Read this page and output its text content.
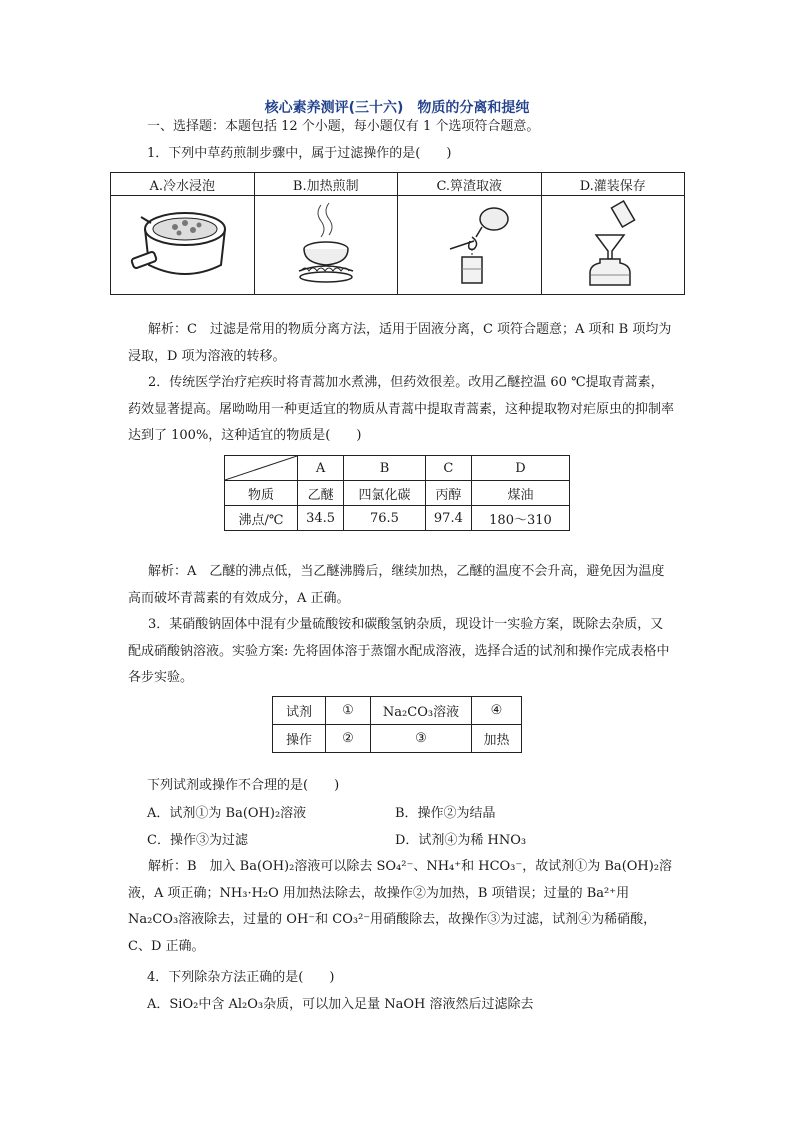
核心素养测评(三十六)　物质的分离和提纯
一、选择题：本题包括 12 个小题，每小题仅有 1 个选项符合题意。
1．下列中草药煎制步骤中，属于过滤操作的是(　　)
A.冷水浸泡	B.加热煎制	C.箅渣取液	D.灌装保存

解析：C　过滤是常用的物质分离方法，适用于固液分离，C 项符合题意；A 项和 B 项均为浸取，D 项为溶液的转移。

2．传统医学治疗疟疾时将青蒿加水煮沸，但药效很差。改用乙醚控温 60 ℃提取青蒿素，药效显著提高。屠呦呦用一种更适宜的物质从青蒿中提取青蒿素，这种提取物对疟原虫的抑制率达到了 100%，这种适宜的物质是(　　)

	A	B	C	D
物质	乙醚	四氯化碳	丙醇	煤油
沸点/℃	34.5	76.5	97.4	180～310

解析：A　乙醚的沸点低，当乙醚沸腾后，继续加热，乙醚的温度不会升高，避免因为温度高而破坏青蒿素的有效成分，A 正确。

3．某硝酸钠固体中混有少量硫酸铵和碳酸氢钠杂质，现设计一实验方案，既除去杂质，又配成硝酸钠溶液。实验方案: 先将固体溶于蒸馏水配成溶液，选择合适的试剂和操作完成表格中各步实验。

试剂	①	Na₂CO₃溶液	④
操作	②	③	加热
下列试剂或操作不合理的是(　　)
A．试剂①为 Ba(OH)₂溶液	B．操作②为结晶
C．操作③为过滤	D．试剂④为稀 HNO₃

解析：B　加入 Ba(OH)₂溶液可以除去 SO₄²⁻、NH₄⁺和 HCO₃⁻，故试剂①为 Ba(OH)₂溶液，A 项正确；NH₃·H₂O 用加热法除去，故操作②为加热，B 项错误；过量的 Ba²⁺用 Na₂CO₃溶液除去，过量的 OH⁻和 CO₃²⁻用硝酸除去，故操作③为过滤，试剂④为稀硝酸，C、D 正确。

4．下列除杂方法正确的是(　　)
A．SiO₂中含 Al₂O₃杂质，可以加入足量 NaOH 溶液然后过滤除去
